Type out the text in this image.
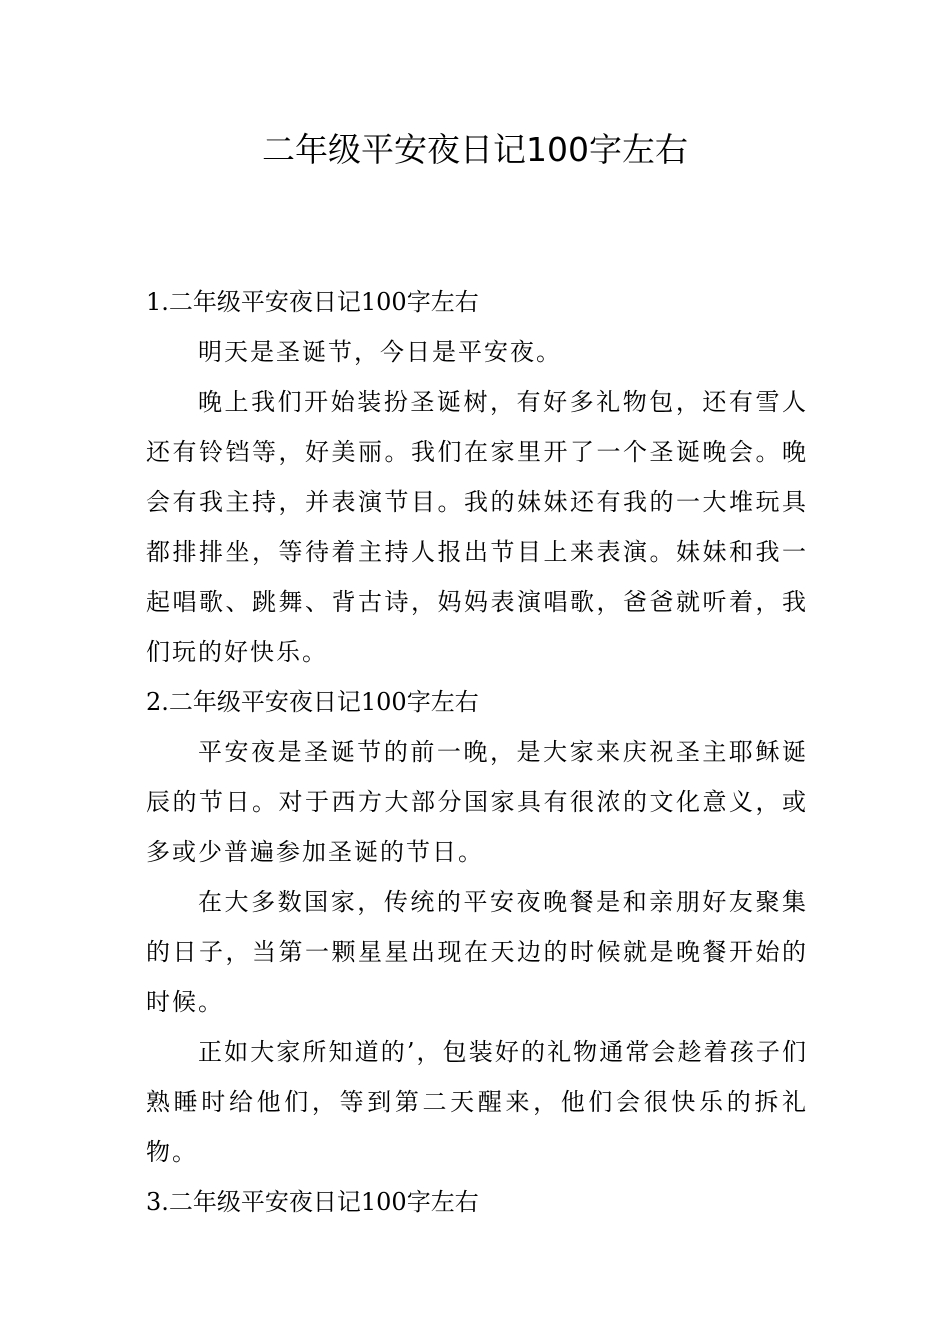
二年级平安夜日记100字左右

1.二年级平安夜日记100字左右

明天是圣诞节，今日是平安夜。

晚上我们开始装扮圣诞树，有好多礼物包，还有雪人还有铃铛等，好美丽。我们在家里开了一个圣诞晚会。晚会有我主持，并表演节目。我的妹妹还有我的一大堆玩具都排排坐，等待着主持人报出节目上来表演。妹妹和我一起唱歌、跳舞、背古诗，妈妈表演唱歌，爸爸就听着，我们玩的好快乐。

2.二年级平安夜日记100字左右

平安夜是圣诞节的前一晚，是大家来庆祝圣主耶稣诞辰的节日。对于西方大部分国家具有很浓的文化意义，或多或少普遍参加圣诞的节日。

在大多数国家，传统的平安夜晚餐是和亲朋好友聚集的日子，当第一颗星星出现在天边的时候就是晚餐开始的时候。

正如大家所知道的’，包装好的礼物通常会趁着孩子们熟睡时给他们，等到第二天醒来，他们会很快乐的拆礼物。

3.二年级平安夜日记100字左右
